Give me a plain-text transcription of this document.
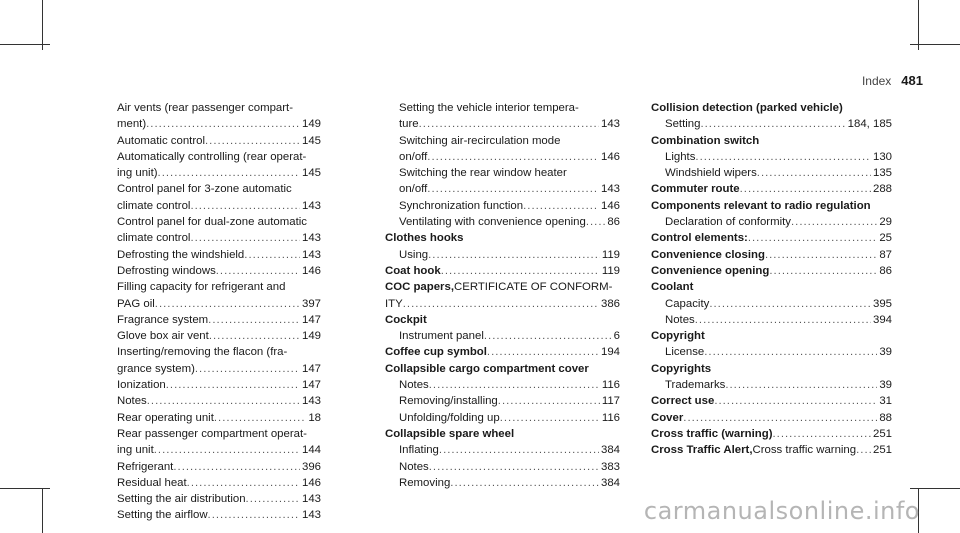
Index 481
Air vents (rear passenger compart-
ment) .....	149
Automatic control .....	145
Automatically controlling (rear operat-
ing unit) .....	145
Control panel for 3-zone automatic
climate control .....	143
Control panel for dual-zone automatic
climate control .....	143
Defrosting the windshield .....	143
Defrosting windows .....	146
Filling capacity for refrigerant and
PAG oil .....	397
Fragrance system .....	147
Glove box air vent .....	149
Inserting/removing the flacon (fra-
grance system) .....	147
Ionization .....	147
Notes .....	143
Rear operating unit .....	18
Rear passenger compartment operat-
ing unit .....	144
Refrigerant .....	396
Residual heat .....	146
Setting the air distribution .....	143
Setting the airflow .....	143
Setting the vehicle interior tempera-
ture .....	143
Switching air-recirculation mode
on/off .....	146
Switching the rear window heater
on/off .....	143
Synchronization function .....	146
Ventilating with convenience opening ..... 86
Clothes hooks
Using .....	119
Coat hook .....	119
COC papers, CERTIFICATE OF CONFORM-
ITY .....	386
Cockpit
Instrument panel .....	6
Coffee cup symbol .....	194
Collapsible cargo compartment cover
Notes .....	116
Removing/installing .....	117
Unfolding/folding up .....	116
Collapsible spare wheel
Inflating .....	384
Notes .....	383
Removing .....	384
Collision detection (parked vehicle)
Setting .....	184, 185
Combination switch
Lights .....	130
Windshield wipers .....	135
Commuter route .....	288
Components relevant to radio regulation
Declaration of conformity .....	29
Control elements: .....	25
Convenience closing .....	87
Convenience opening .....	86
Coolant
Capacity .....	395
Notes .....	394
Copyright
License .....	39
Copyrights
Trademarks .....	39
Correct use .....	31
Cover .....	88
Cross traffic (warning) .....	251
Cross Traffic Alert, Cross traffic warning ..... 251
carmanualsonline.info
